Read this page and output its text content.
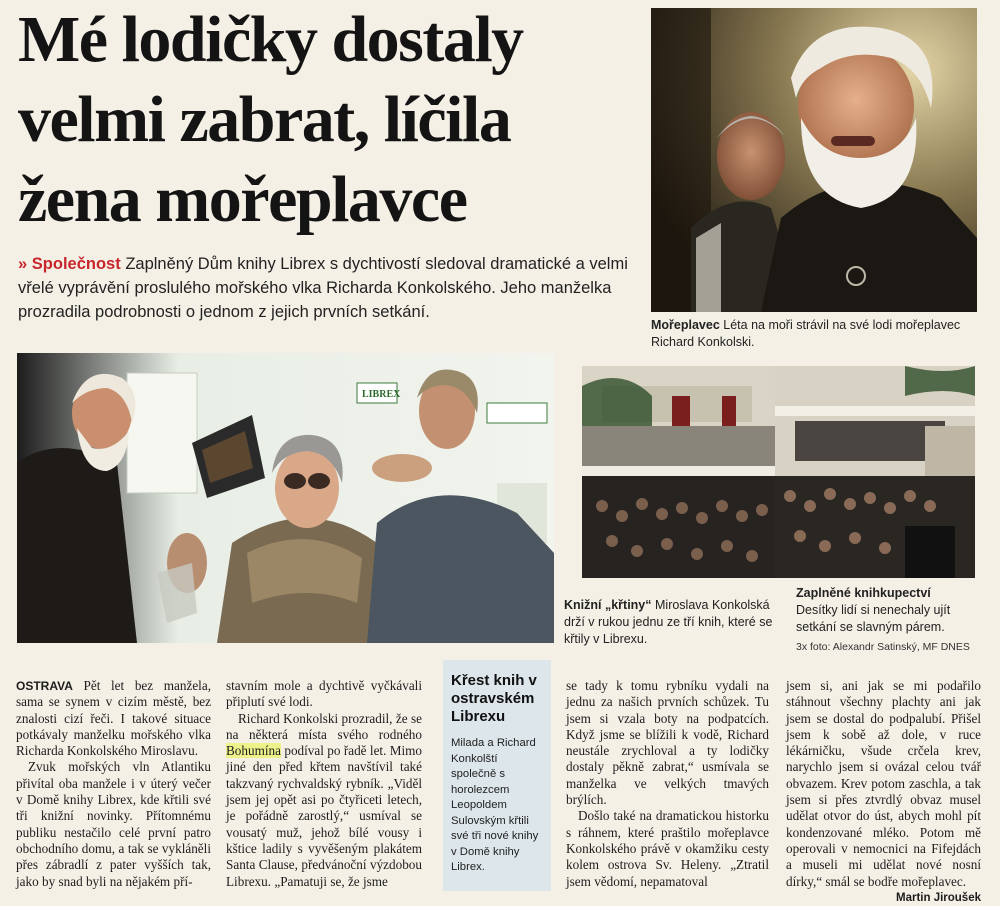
Mé lodičky dostaly
velmi zabrat, líčila
žena mořeplavce
» Společnost Zaplněný Dům knihy Librex s dychtivostí sledoval dramatické a velmi vřelé vyprávění proslulého mořského vlka Richarda Konkolského. Jeho manželka prozradila podrobnosti o jednom z jejich prvních setkání.
Mořeplavec Léta na moři strávil na své lodi mořeplavec Richard Konkolski.
LIBREX
Knižní „křtiny“ Miroslava Konkolská drží v rukou jednu ze tří knih, které se křtily v Librexu.
Zaplněné knihkupectví
Desítky lidí si nenechaly ujít setkání se slavným párem.
3x foto: Alexandr Satinský, MF DNES

OSTRAVA Pět let bez manžela, sama se synem v cizím městě, bez znalosti cizí řeči. I takové situace potkávaly manželku mořského vlka Richarda Konkolského Miroslavu.

Zvuk mořských vln Atlantiku přivítal oba manžele i v úterý večer v Domě knihy Librex, kde křtili své tři knižní novinky. Přítomnému publiku nestačilo celé první patro obchodního domu, a tak se vykláněli přes zábradlí z pater vyšších tak, jako by snad byli na nějakém pří-

stavním mole a dychtivě vyčkávali připlutí své lodi.

Richard Konkolski prozradil, že se na některá místa svého rodného Bohumína podíval po řadě let. Mimo jiné den před křtem navštívil také takzvaný rychvaldský rybník. „Viděl jsem jej opět asi po čtyřiceti letech, je pořádně zarostlý,“ usmíval se vousatý muž, jehož bílé vousy i kštice ladily s vyvěšeným plakátem Santa Clause, předvánoční výzdobou Librexu. „Pamatuji se, že jsme

Křest knih v ostravském Librexu
Milada a Richard Konkolští společně s horolezcem Leopoldem Sulovským křtili své tři nové knihy v Domě knihy Librex.

se tady k tomu rybníku vydali na jednu za našich prvních schůzek. Tu jsem si vzala boty na podpatcích. Když jsme se blížili k vodě, Richard neustále zrychloval a ty lodičky dostaly pěkně zabrat,“ usmívala se manželka ve velkých tmavých brýlích.

Došlo také na dramatickou historku s ráhnem, které praštilo mořeplavce Konkolského právě v okamžiku cesty kolem ostrova Sv. Heleny. „Ztratil jsem vědomí, nepamatoval

jsem si, ani jak se mi podařilo stáhnout všechny plachty ani jak jsem se dostal do podpalubí. Přišel jsem k sobě až dole, v ruce lékárničku, všude crčela krev, narychlo jsem si ovázal celou tvář obvazem. Krev potom zaschla, a tak jsem si přes ztvrdlý obvaz musel udělat otvor do úst, abych mohl pít kondenzované mléko. Potom mě operovali v nemocnici na Fifejdách a museli mi udělat nové nosní dírky,“ smál se bodře mořeplavec.

Martin Jiroušek
